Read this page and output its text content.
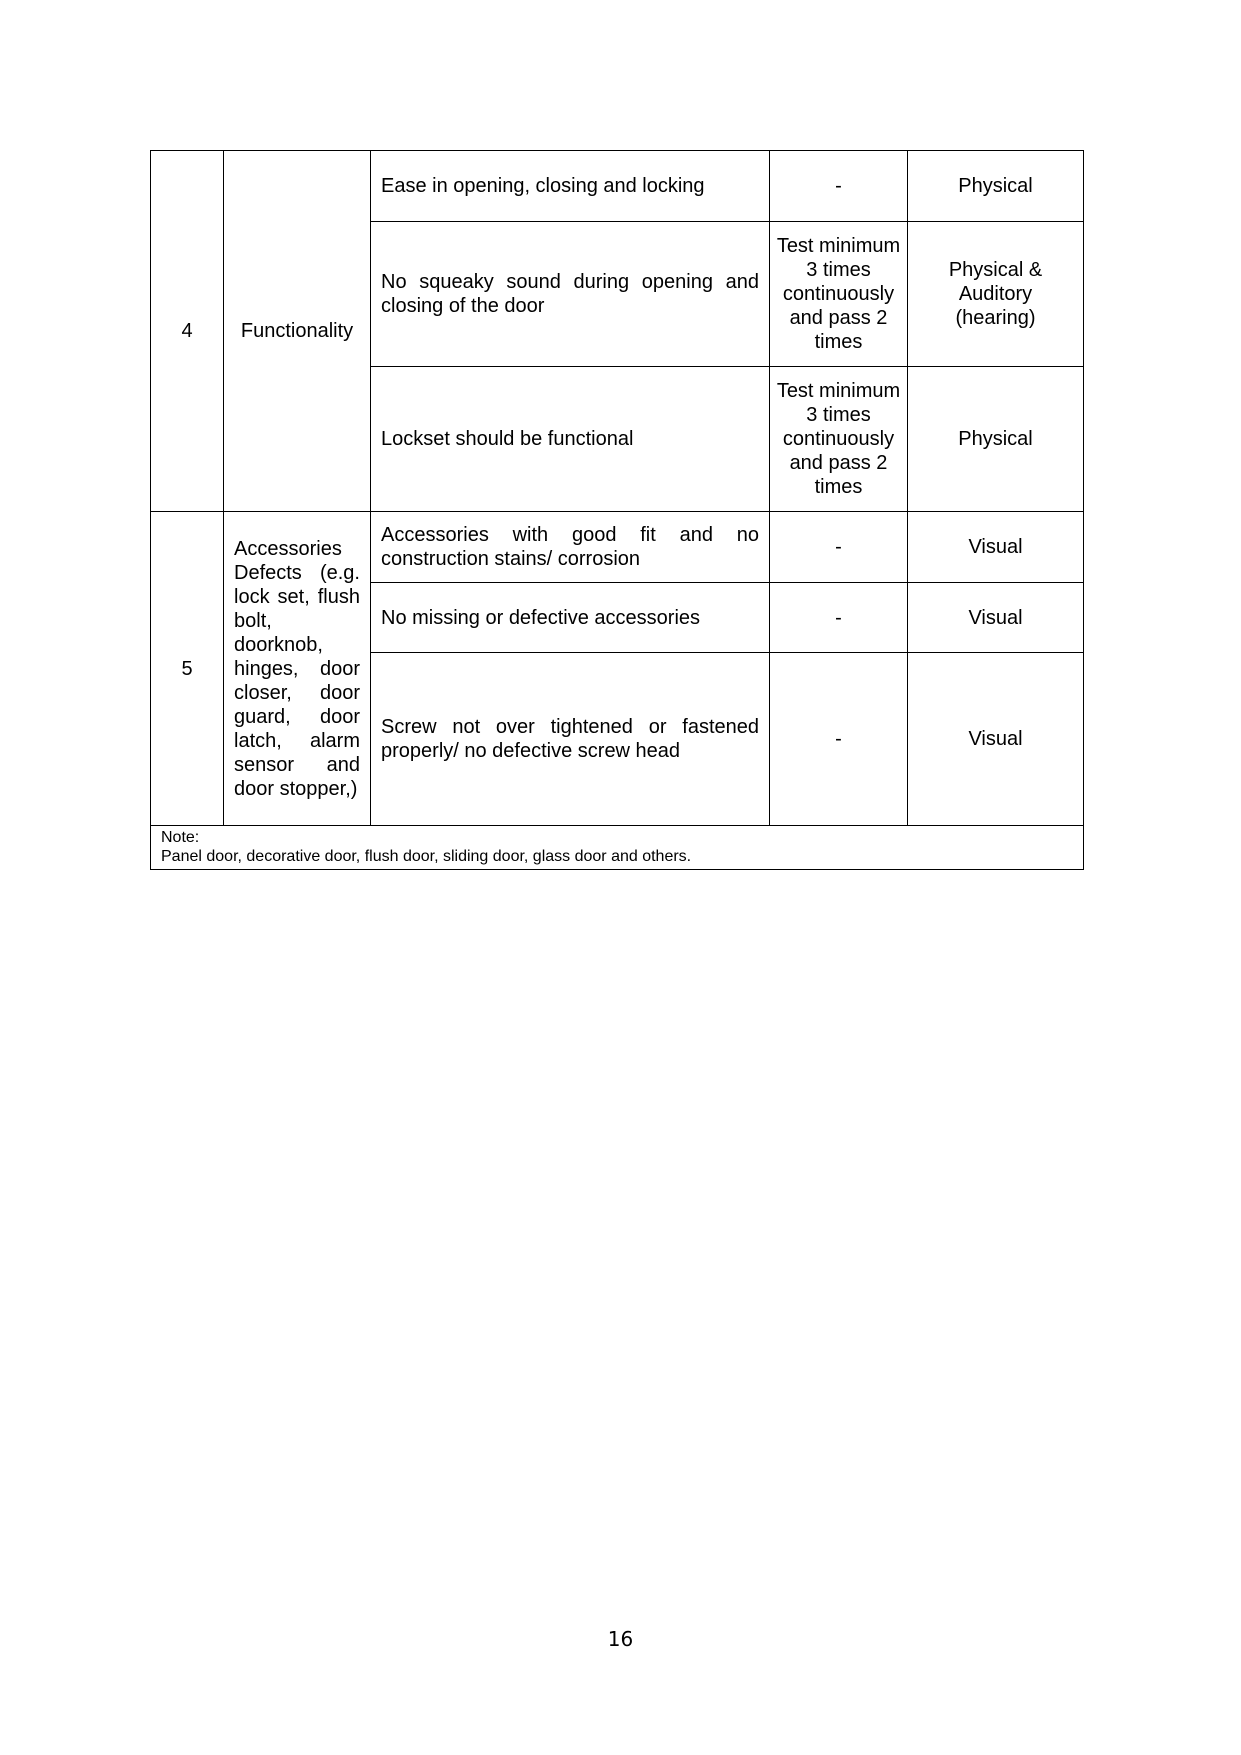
4	Functionality	Ease in opening, closing and locking	-	Physical
		No squeaky sound during opening and closing of the door	Test minimum 3 times continuously and pass 2 times	Physical & Auditory (hearing)
		Lockset should be functional	Test minimum 3 times continuously and pass 2 times	Physical
5	Accessories Defects (e.g. lock set, flush bolt, doorknob, hinges, door closer, door guard, door latch, alarm sensor and door stopper,)	Accessories with good fit and no construction stains/ corrosion	-	Visual
		No missing or defective accessories	-	Visual
		Screw not over tightened or fastened properly/ no defective screw head	-	Visual

Note:
Panel door, decorative door, flush door, sliding door, glass door and others.				
16
